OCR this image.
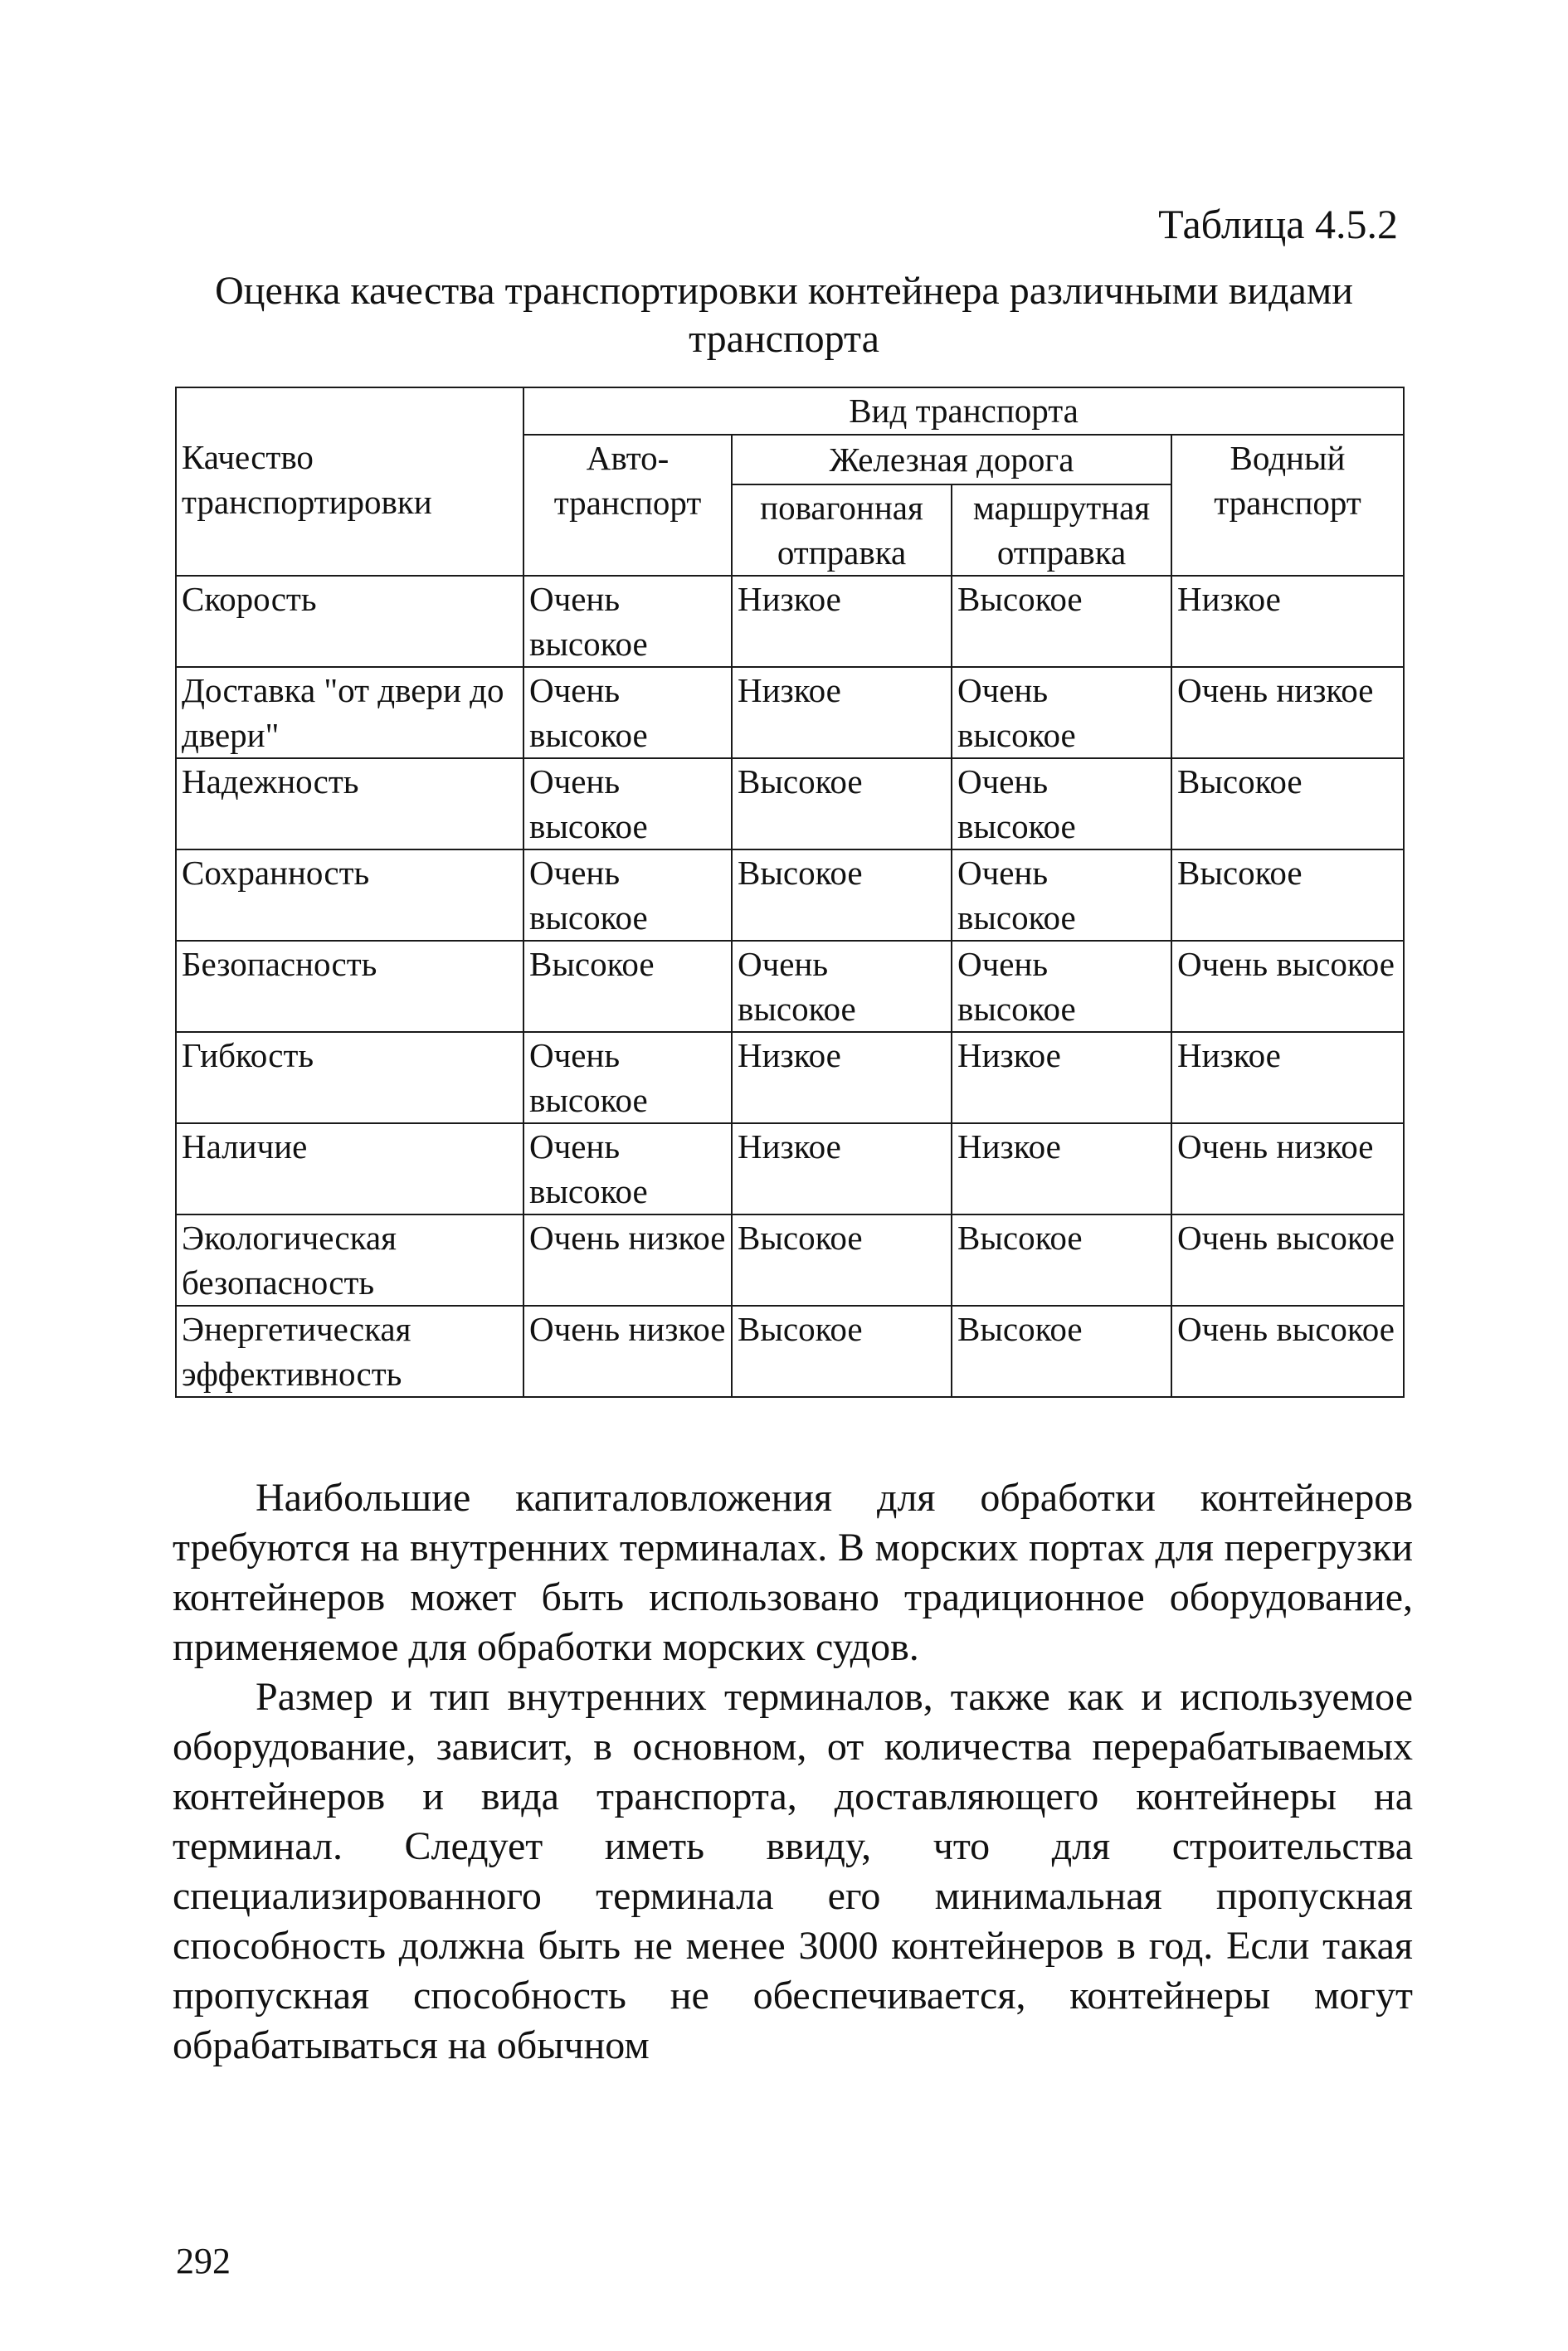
Таблица 4.5.2
Оценка качества транспортировки контейнера различными видами транспорта
Качество транспортировки	Вид транспорта			
	Авто-транспорт	Железная дорога		Водный транспорт
		повагонная отправка	маршрутная отправка	
Скорость	Очень высокое	Низкое	Высокое	Низкое
Доставка "от двери до двери"	Очень высокое	Низкое	Очень высокое	Очень низкое
Надежность	Очень высокое	Высокое	Очень высокое	Высокое
Сохранность	Очень высокое	Высокое	Очень высокое	Высокое
Безопасность	Высокое	Очень высокое	Очень высокое	Очень высокое
Гибкость	Очень высокое	Низкое	Низкое	Низкое
Наличие	Очень высокое	Низкое	Низкое	Очень низкое
Экологическая безопасность	Очень низкое	Высокое	Высокое	Очень высокое
Энергетическая эффективность	Очень низкое	Высокое	Высокое	Очень высокое

Наибольшие капиталовложения для обработки контейнеров требуются на внутренних терминалах. В морских портах для перегрузки контейнеров может быть использовано традиционное оборудование, применяемое для обработки морских судов.

Размер и тип внутренних терминалов, также как и используемое оборудование, зависит, в основном, от количества перерабатываемых контейнеров и вида транспорта, доставляющего контейнеры на терминал. Следует иметь ввиду, что для строительства специализированного терминала его минимальная пропускная способность должна быть не менее 3000 контейнеров в год. Если такая пропускная способность не обеспечивается, контейнеры могут обрабатываться на обычном

292
